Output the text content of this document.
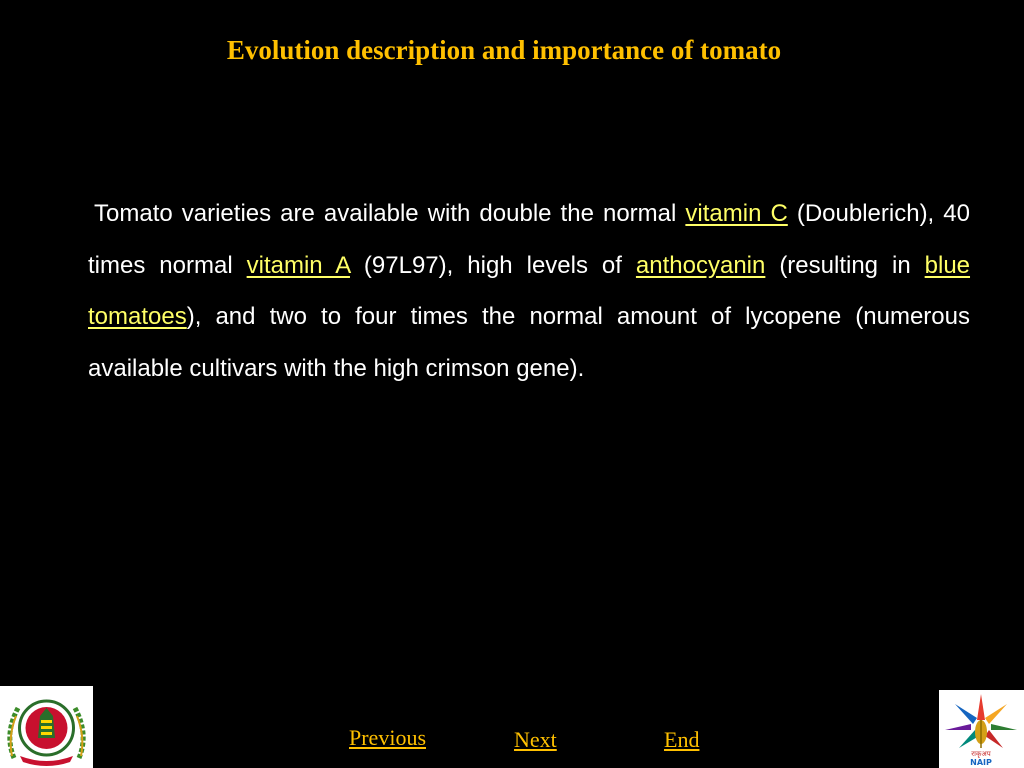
Evolution description and importance of tomato

Tomato varieties are available with double the normal vitamin C (Doublerich), 40 times normal vitamin A (97L97), high levels of anthocyanin (resulting in blue tomatoes), and two to four times the normal amount of lycopene (numerous available cultivars with the high crimson gene).

Previous	Next	End
राकृअप
NAIP
